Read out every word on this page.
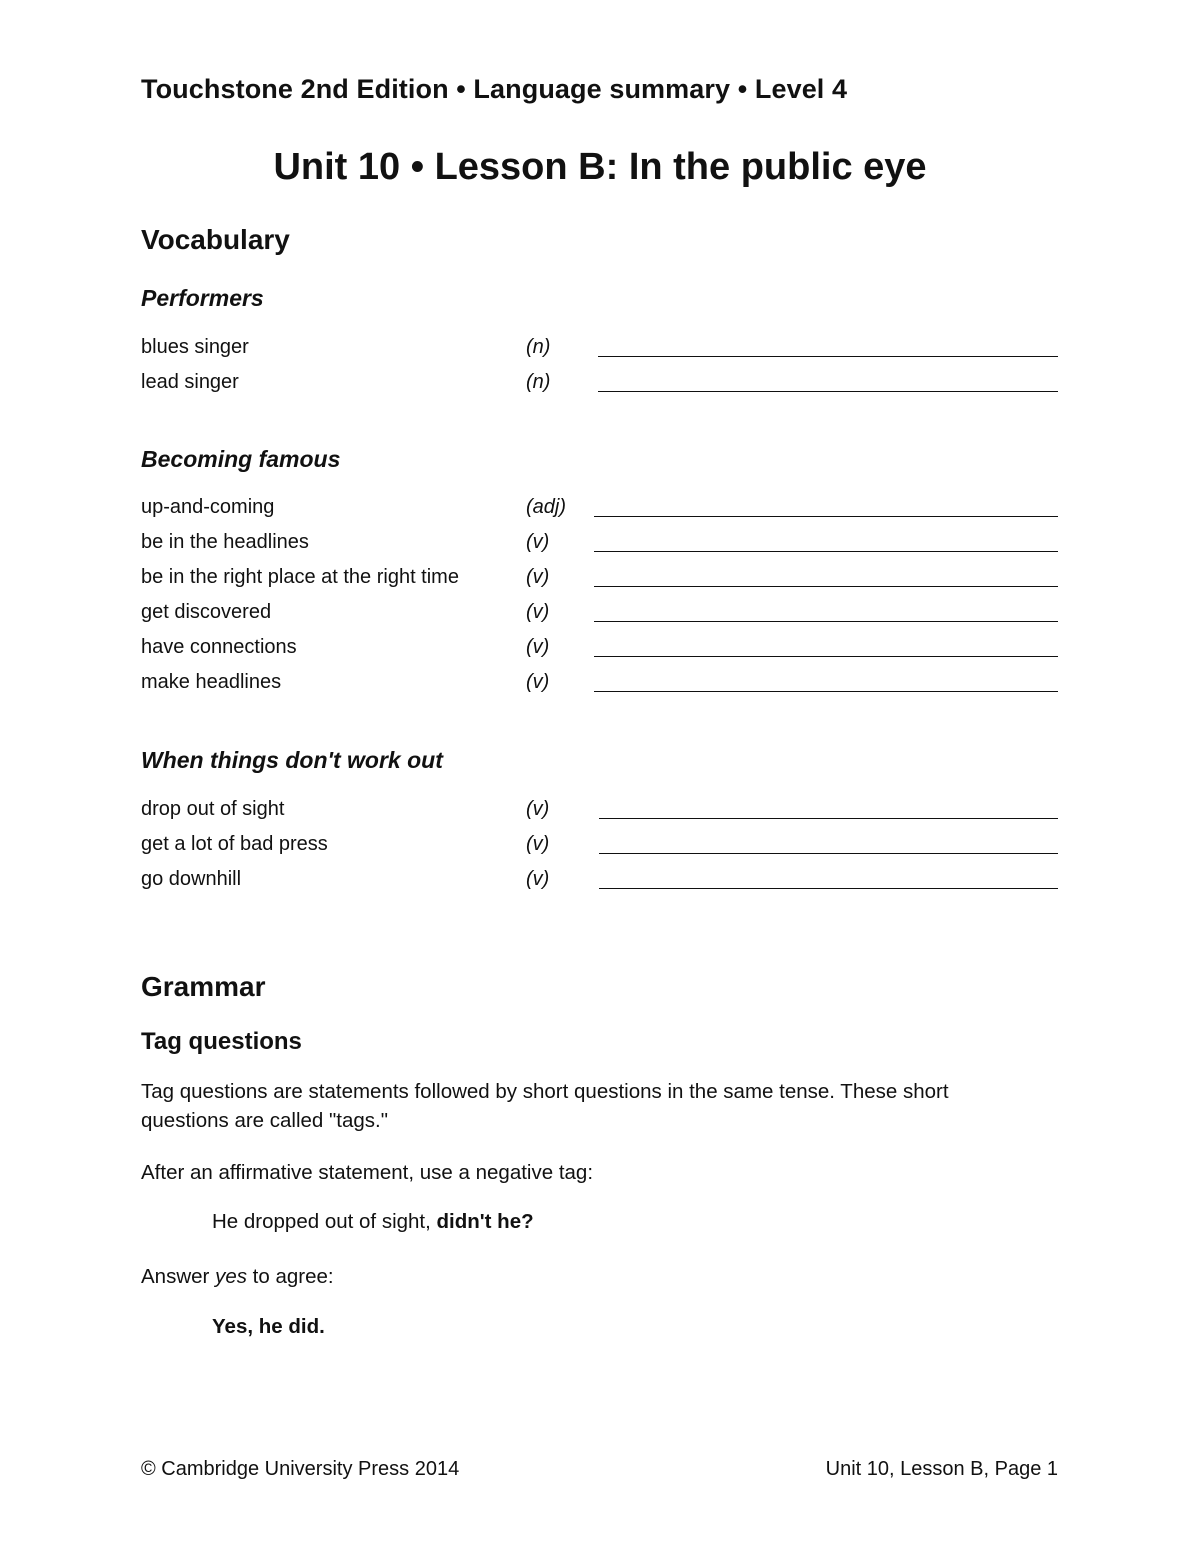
Touchstone 2nd Edition • Language summary • Level 4
Unit 10 • Lesson B: In the public eye
Vocabulary
Performers
blues singer	(n)
lead singer	(n)
Becoming famous
up-and-coming	(adj)
be in the headlines	(v)
be in the right place at the right time	(v)
get discovered	(v)
have connections	(v)
make headlines	(v)
When things don't work out
drop out of sight	(v)
get a lot of bad press	(v)
go downhill	(v)
Grammar
Tag questions
Tag questions are statements followed by short questions in the same tense. These short questions are called "tags."
After an affirmative statement, use a negative tag:
He dropped out of sight, didn't he?
Answer yes to agree:
Yes, he did.
© Cambridge University Press 2014	Unit 10, Lesson B, Page 1
